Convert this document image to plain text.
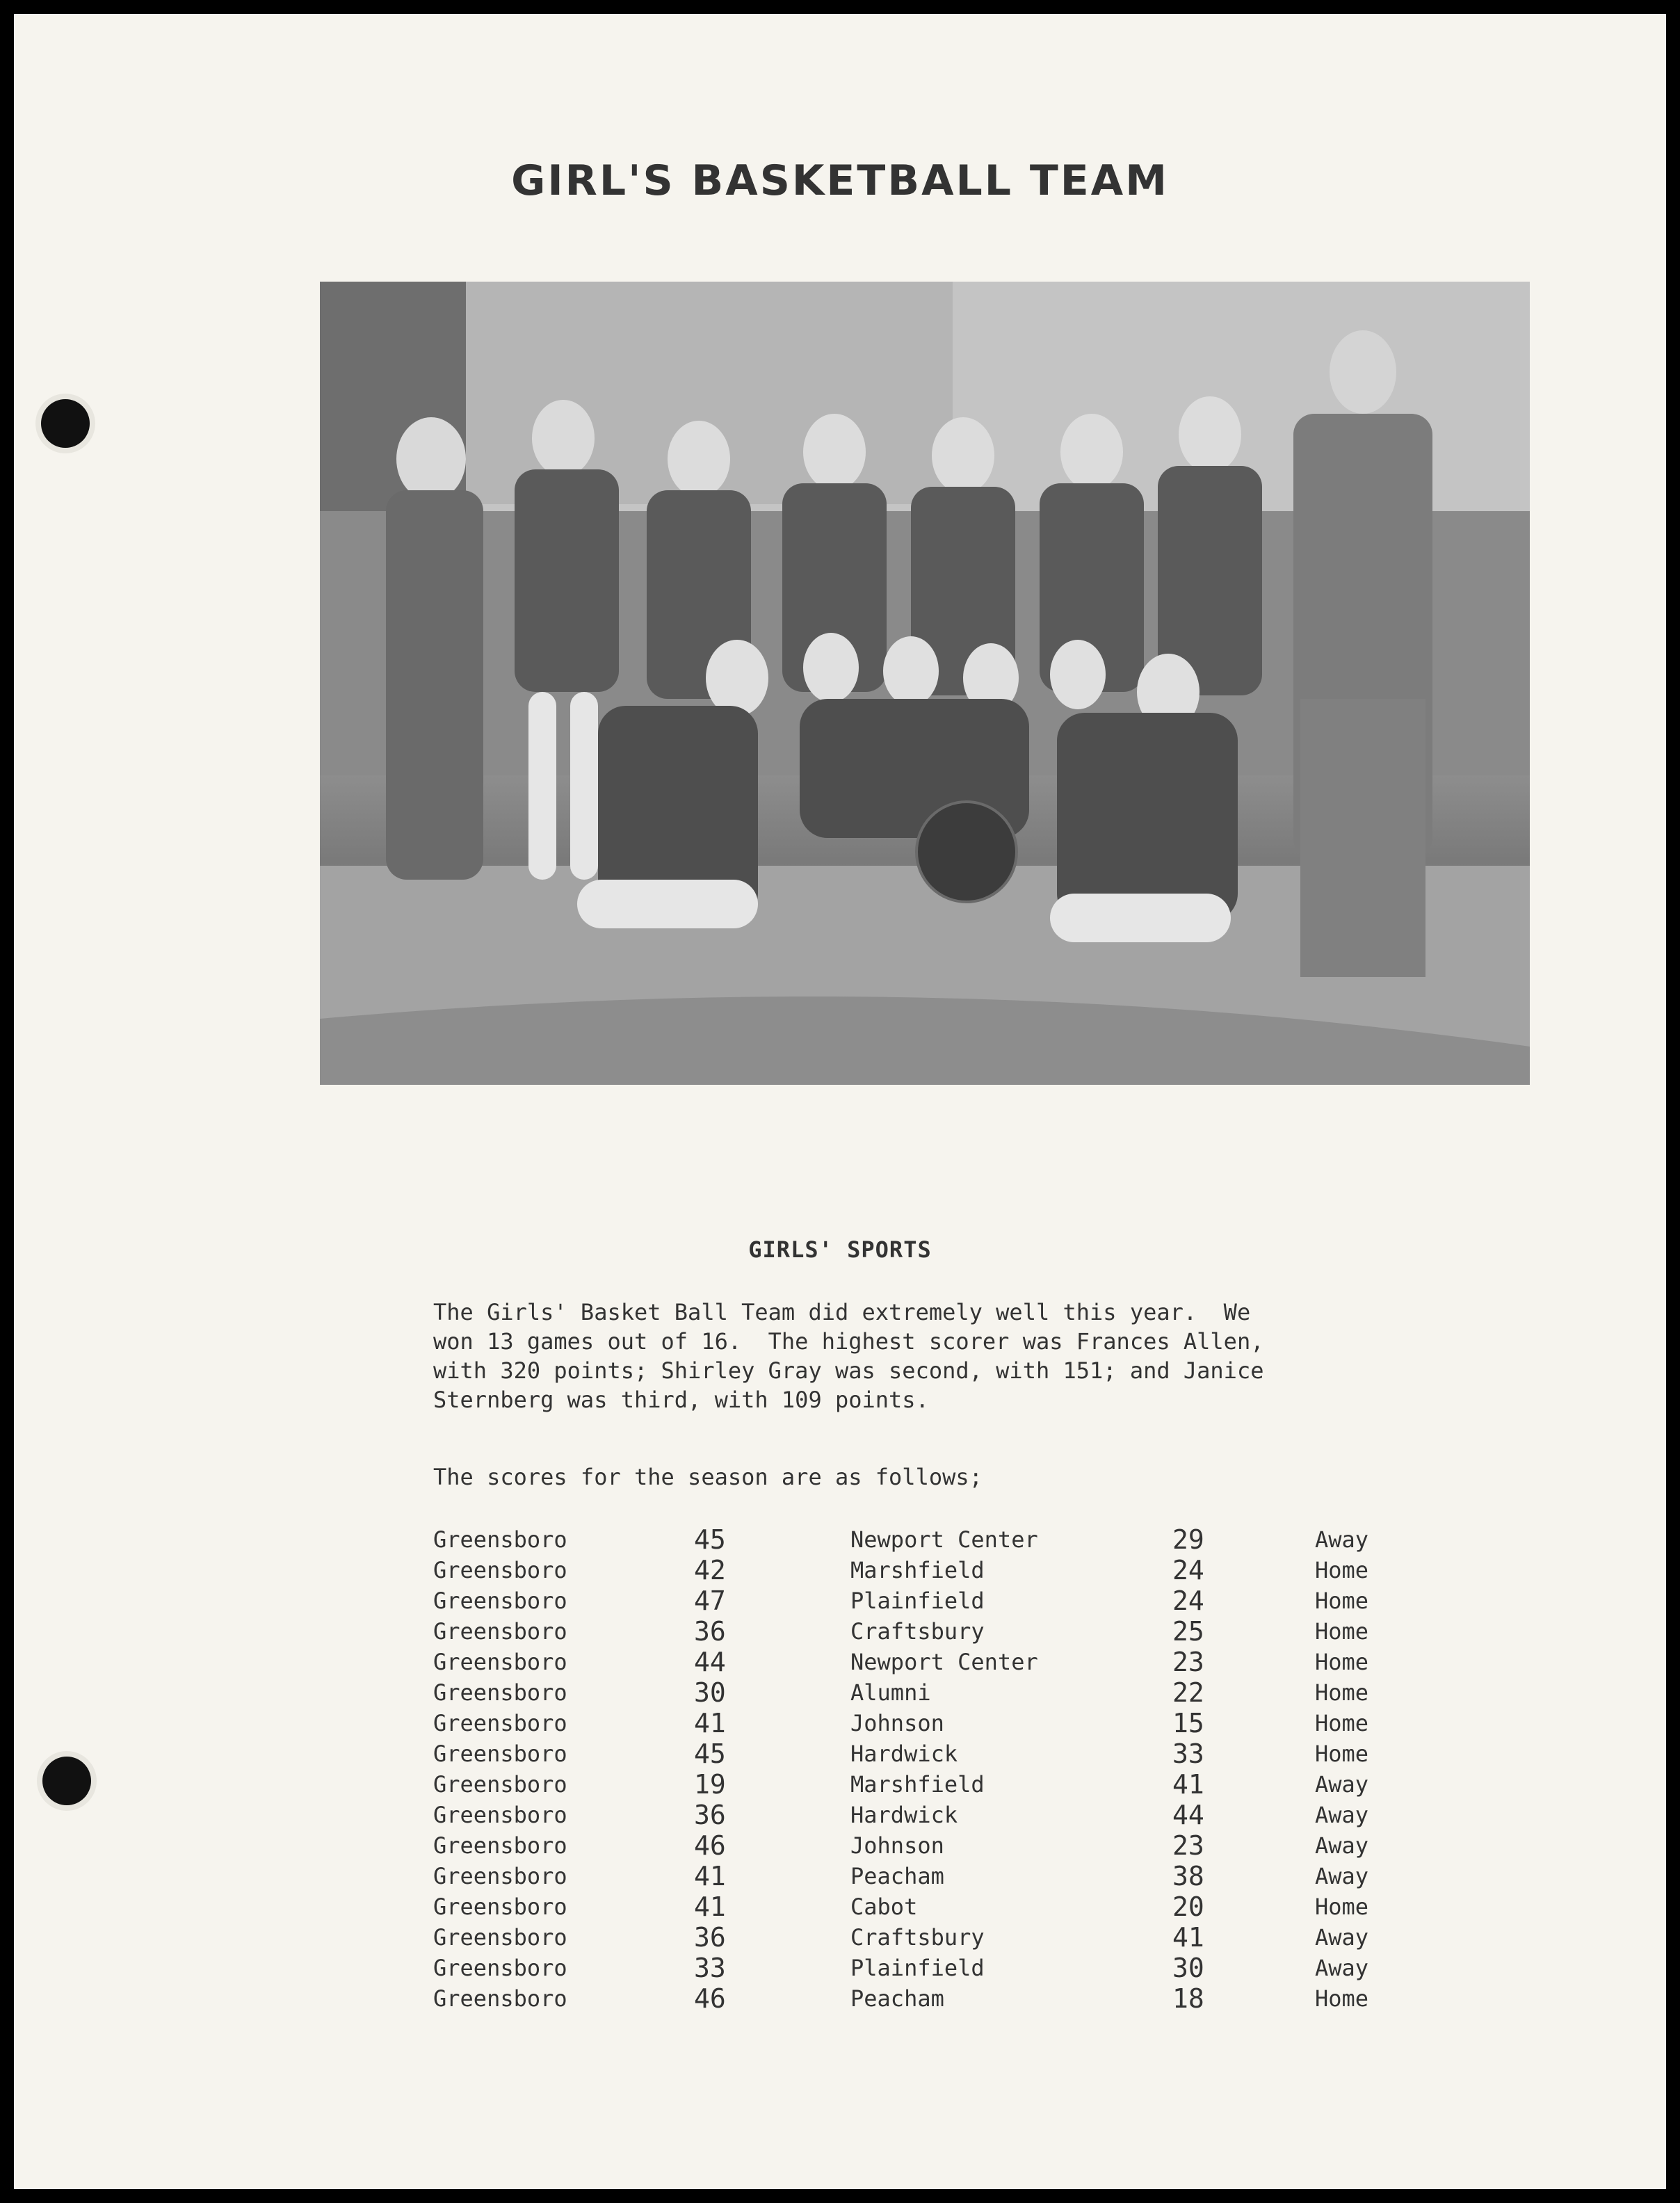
GIRL'S BASKETBALL TEAM
GIRLS' SPORTS
The Girls' Basket Ball Team did extremely well this year.  We
won 13 games out of 16.  The highest scorer was Frances Allen,
with 320 points; Shirley Gray was second, with 151; and Janice
Sternberg was third, with 109 points.
The scores for the season are as follows;
Greensboro	45	Newport Center	29	Away
Greensboro	42	Marshfield	24	Home
Greensboro	47	Plainfield	24	Home
Greensboro	36	Craftsbury	25	Home
Greensboro	44	Newport Center	23	Home
Greensboro	30	Alumni	22	Home
Greensboro	41	Johnson	15	Home
Greensboro	45	Hardwick	33	Home
Greensboro	19	Marshfield	41	Away
Greensboro	36	Hardwick	44	Away
Greensboro	46	Johnson	23	Away
Greensboro	41	Peacham	38	Away
Greensboro	41	Cabot	20	Home
Greensboro	36	Craftsbury	41	Away
Greensboro	33	Plainfield	30	Away
Greensboro	46	Peacham	18	Home
